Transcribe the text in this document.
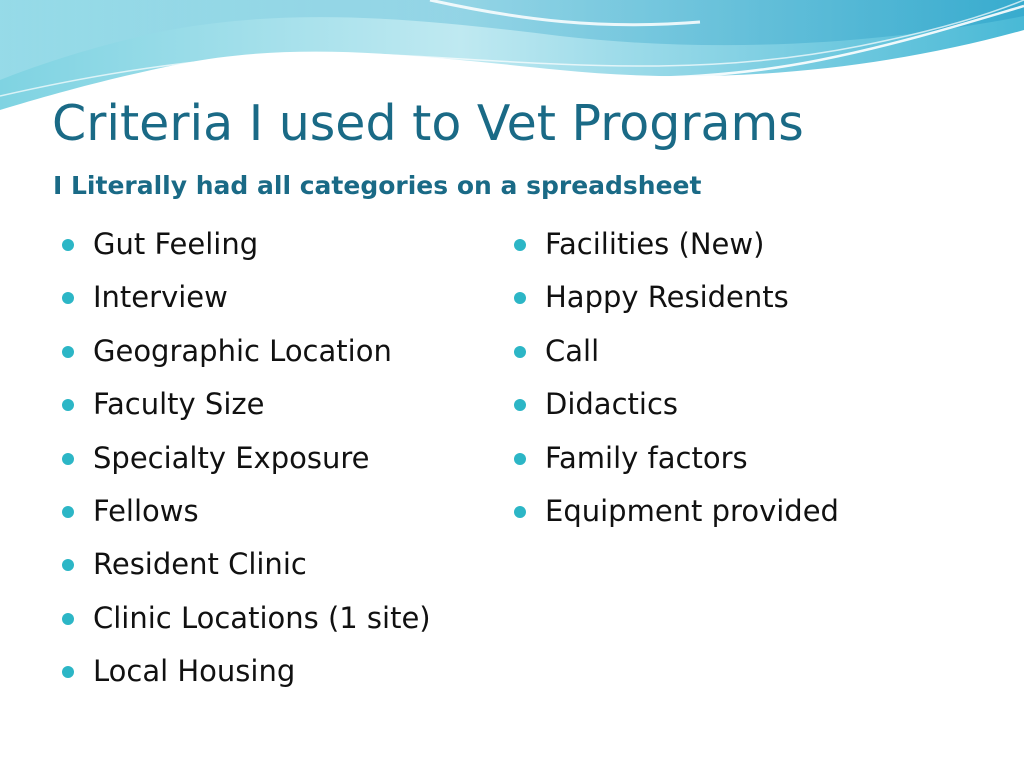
Criteria I used to Vet Programs
I Literally had all categories on a spreadsheet
Gut Feeling
Interview
Geographic Location
Faculty Size
Specialty Exposure
Fellows
Resident Clinic
Clinic Locations (1 site)
Local Housing
Facilities (New)
Happy Residents
Call
Didactics
Family factors
Equipment provided
